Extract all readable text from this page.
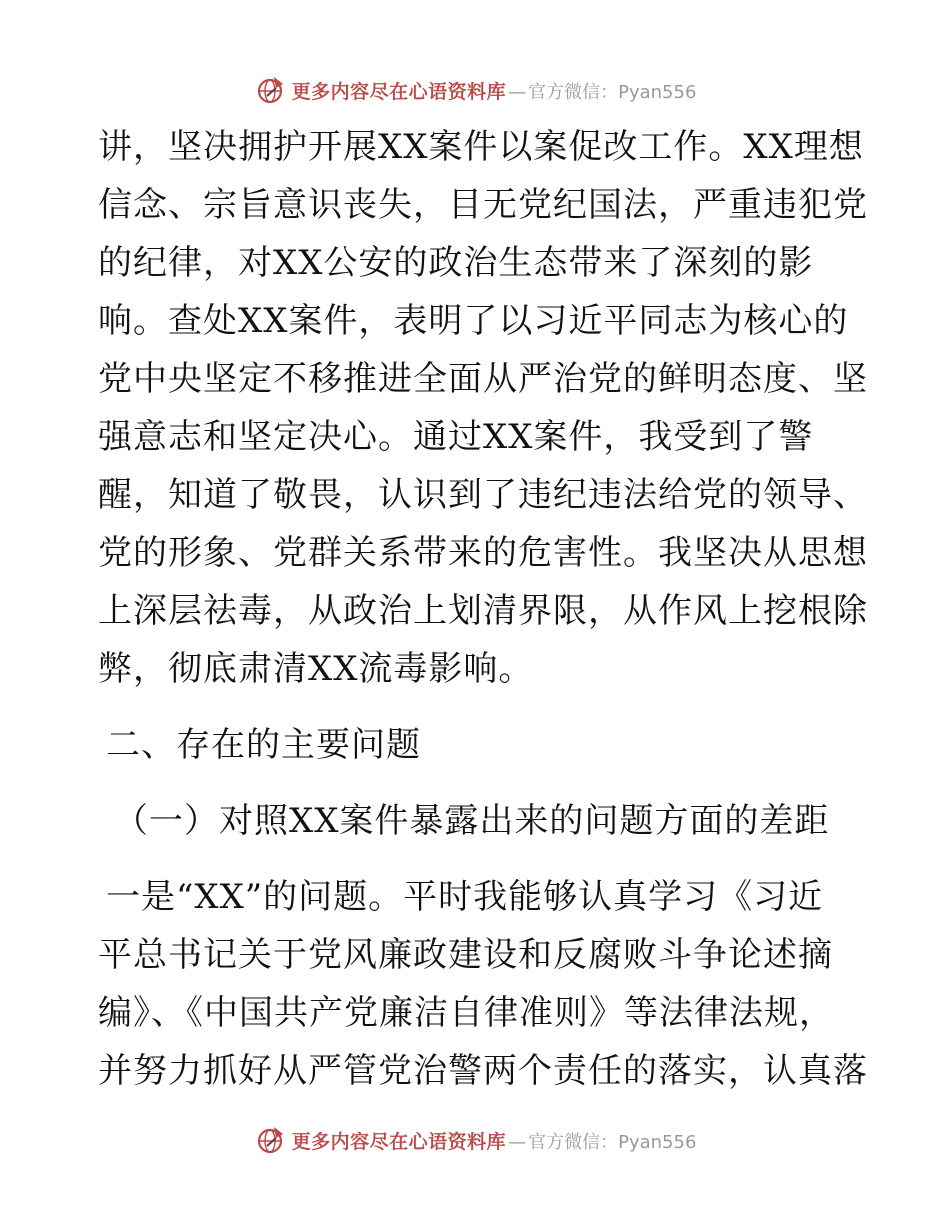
更多内容尽在心语资料库 — 官方微信：Pyan556
讲，坚决拥护开展XX案件以案促改工作。XX理想
信念、宗旨意识丧失，目无党纪国法，严重违犯党
的纪律，对XX公安的政治生态带来了深刻的影
响。查处XX案件，表明了以习近平同志为核心的
党中央坚定不移推进全面从严治党的鲜明态度、坚
强意志和坚定决心。通过XX案件，我受到了警
醒，知道了敬畏，认识到了违纪违法给党的领导、
党的形象、党群关系带来的危害性。我坚决从思想
上深层祛毒，从政治上划清界限，从作风上挖根除
弊，彻底肃清XX流毒影响。
二、存在的主要问题
（一）对照XX案件暴露出来的问题方面的差距
一是“XX”的问题。平时我能够认真学习《习近
平总书记关于党风廉政建设和反腐败斗争论述摘
编》、《中国共产党廉洁自律准则》等法律法规，
并努力抓好从严管党治警两个责任的落实，认真落
更多内容尽在心语资料库 — 官方微信：Pyan556
